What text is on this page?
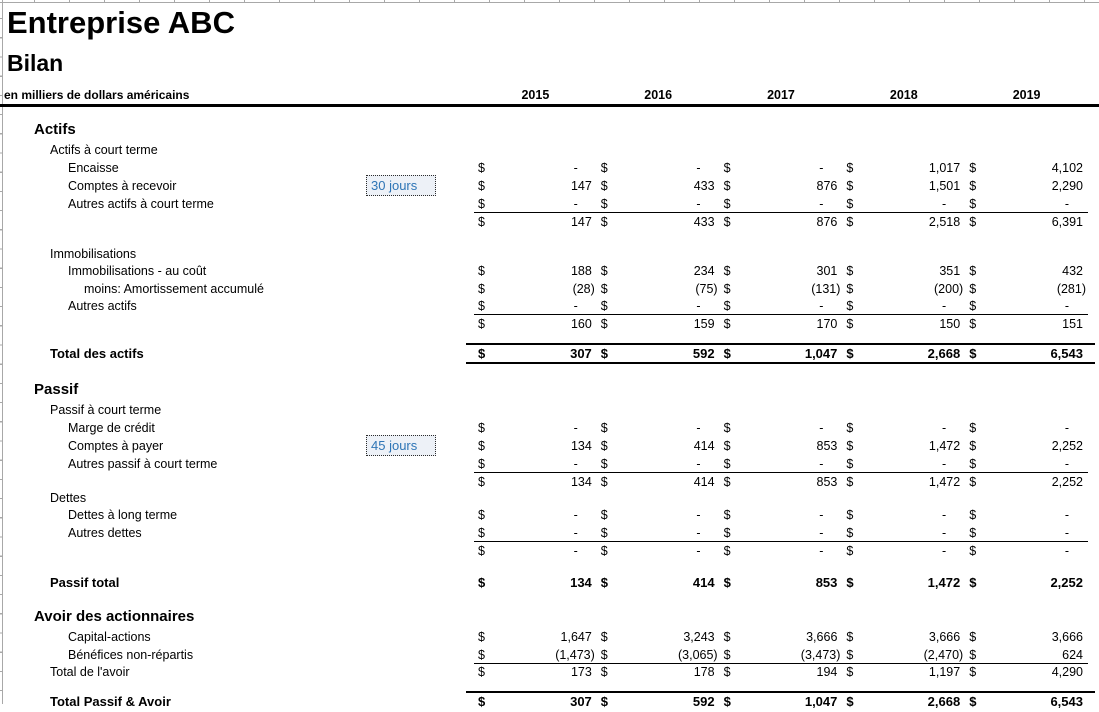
Entreprise ABC
Bilan
en milliers de dollars américains	2015	2016	2017	2018	2019
Actifs
Actifs à court terme
Encaisse	$	- $	- $	- $	1,017 $	4,102
Comptes à recevoir	30 jours	$	147 $	433 $	876 $	1,501 $	2,290
Autres actifs à court terme	$	- $	- $	- $	- $	-
$	147 $	433 $	876 $	2,518 $	6,391
Immobilisations
Immobilisations - au coût	$	188 $	234 $	301 $	351 $	432
moins: Amortissement accumulé	$	(28) $	(75) $	(131) $	(200) $	(281)
Autres actifs	$	- $	- $	- $	- $	-
$	160 $	159 $	170 $	150 $	151
Total des actifs	$	307 $	592 $	1,047 $	2,668 $	6,543
Passif
Passif à court terme
Marge de crédit	$	- $	- $	- $	- $	-
Comptes à payer	45 jours	$	134 $	414 $	853 $	1,472 $	2,252
Autres passif à court terme	$	- $	- $	- $	- $	-
$	134 $	414 $	853 $	1,472 $	2,252
Dettes
Dettes à long terme	$	- $	- $	- $	- $	-
Autres dettes	$	- $	- $	- $	- $	-
$	- $	- $	- $	- $	-
Passif total	$	134 $	414 $	853 $	1,472 $	2,252
Avoir des actionnaires
Capital-actions	$	1,647 $	3,243 $	3,666 $	3,666 $	3,666
Bénéfices non-répartis	$	(1,473) $	(3,065) $	(3,473) $	(2,470) $	624
Total de l'avoir	$	173 $	178 $	194 $	1,197 $	4,290
Total Passif & Avoir	$	307 $	592 $	1,047 $	2,668 $	6,543
